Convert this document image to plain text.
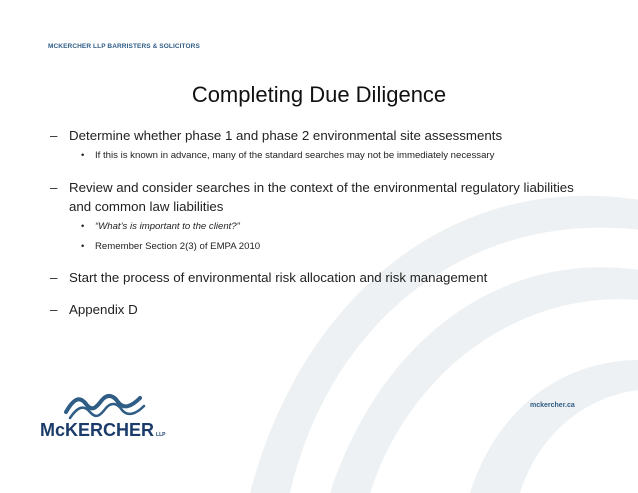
MCKERCHER LLP BARRISTERS & SOLICITORS
Completing Due Diligence
– Determine whether phase 1 and phase 2 environmental site assessments
• If this is known in advance, many of the standard searches may not be immediately necessary
– Review and consider searches in the context of the environmental regulatory liabilities and common law liabilities
• “What’s is important to the client?”
• Remember Section 2(3) of EMPA 2010
– Start the process of environmental risk allocation and risk management
– Appendix D
McKERCHER LLP
mckercher.ca
